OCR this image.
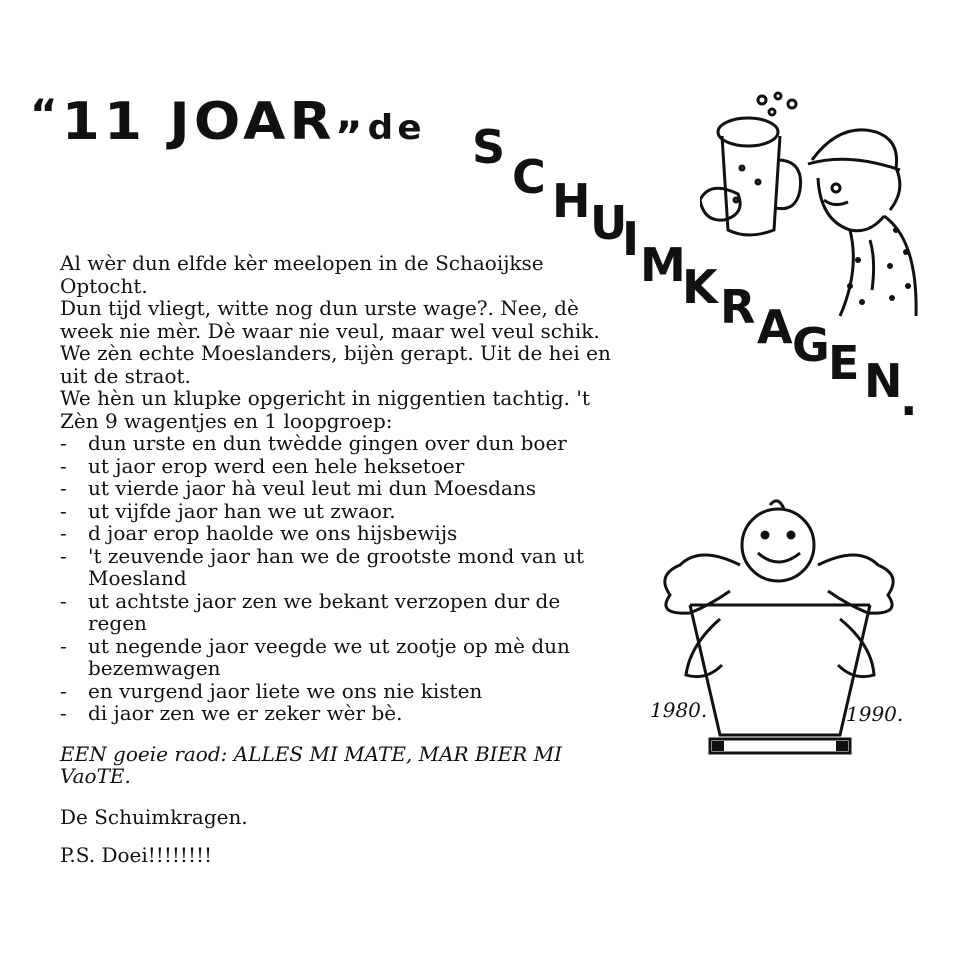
“11 JOAR„de S
C H U
I M
K R A G
E N
.
1980.	1990.

Al wèr dun elfde kèr meelopen in de Schaoijkse Optocht.

Dun tijd vliegt, witte nog dun urste wage?. Nee, dè week nie mèr. Dè waar nie veul, maar wel veul schik. We zèn echte Moeslanders, bijèn gerapt. Uit de hei en uit de straot.

We hèn un klupke opgericht in niggentien tachtig. 't Zèn 9 wagentjes en 1 loopgroep:

- dun urste en dun twèdde gingen over dun boer
- ut jaor erop werd een hele heksetoer
- ut vierde jaor hà veul leut mi dun Moesdans
- ut vijfde jaor han we ut zwaor.
- d joar erop haolde we ons hijsbewijs
- 't zeuvende jaor han we de grootste mond van ut Moesland
- ut achtste jaor zen we bekant verzopen dur de regen
- ut negende jaor veegde we ut zootje op mè dun bezemwagen
- en vurgend jaor liete we ons nie kisten
- di jaor zen we er zeker wèr bè.

EEN goeie raod: ALLES MI MATE, MAR BIER MI VaoTE.

De Schuimkragen.

P.S. Doei!!!!!!!!
